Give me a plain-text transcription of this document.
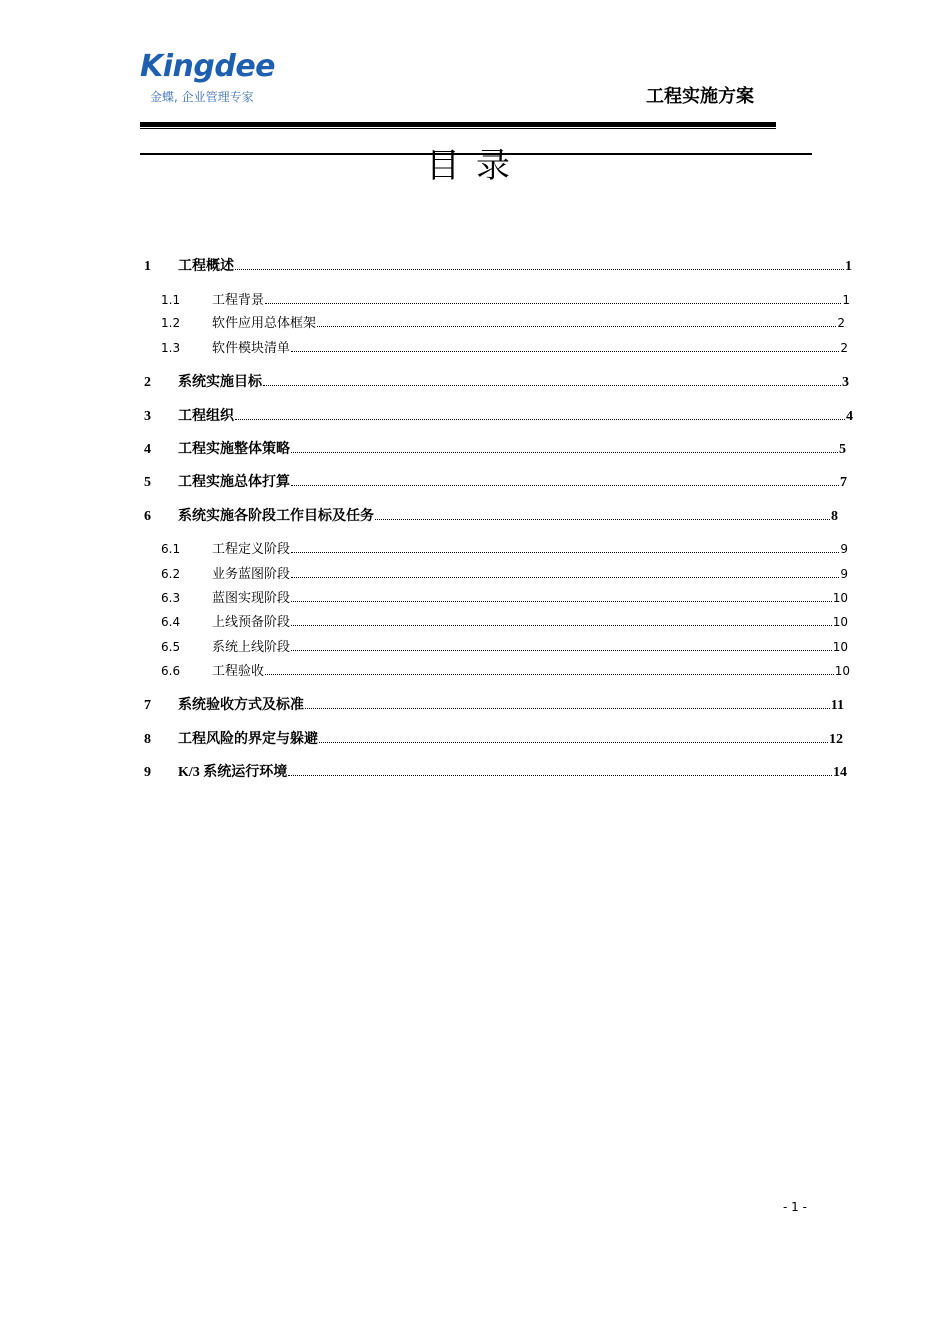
Kingdee
金蝶, 企业管理专家	工程实施方案
目录
1	工程概述	1
1.1	工程背景	1
1.2	软件应用总体框架	2
1.3	软件模块清单	2
2	系统实施目标	3
3	工程组织	4
4	工程实施整体策略	5
5	工程实施总体打算	7
6	系统实施各阶段工作目标及任务	8
6.1	工程定义阶段	9
6.2	业务蓝图阶段	9
6.3	蓝图实现阶段	10
6.4	上线预备阶段	10
6.5	系统上线阶段	10
6.6	工程验收	10
7	系统验收方式及标准	11
8	工程风险的界定与躲避	12
9	K/3 系统运行环境	14
- 1 -
